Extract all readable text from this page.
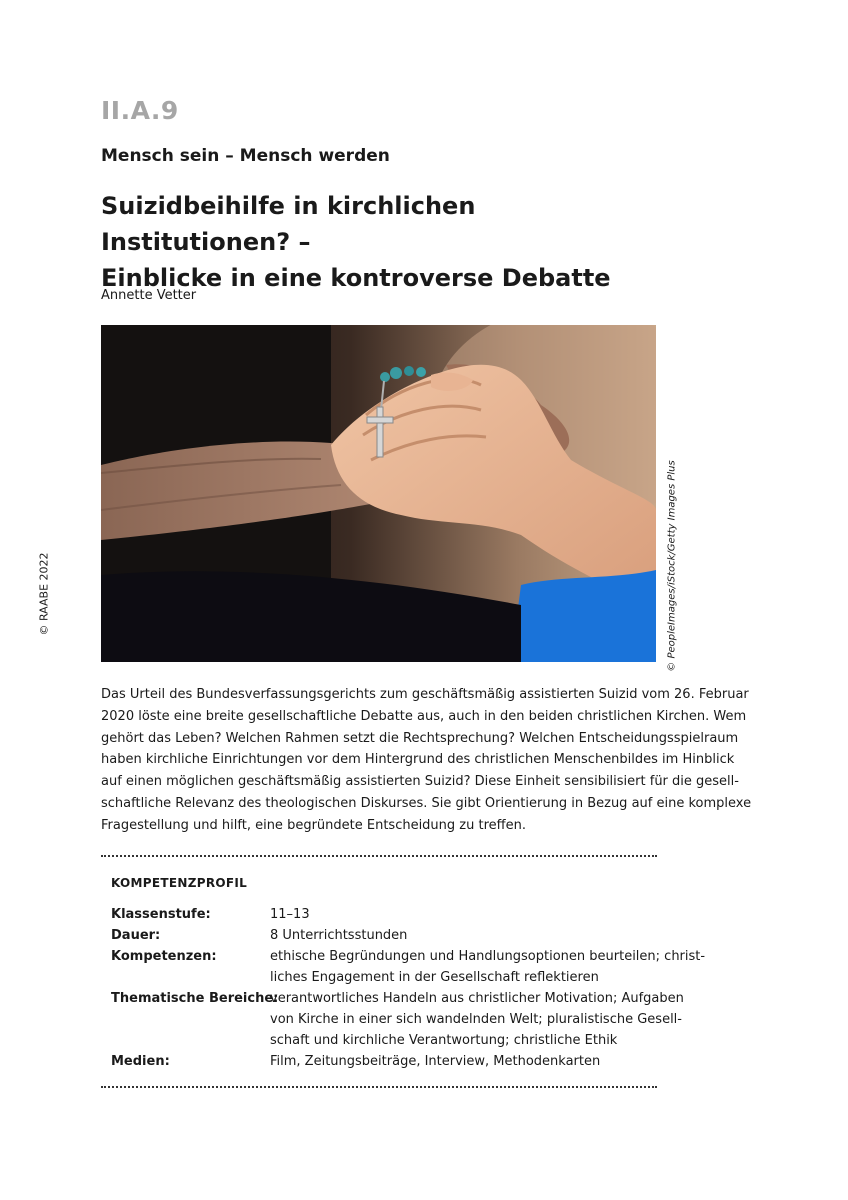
II.A.9
Mensch sein – Mensch werden
Suizidbeihilfe in kirchlichen Institutionen? –
Einblicke in eine kontroverse Debatte
Annette Vetter
© RAABE 2022	© PeopleImages/iStock/Getty Images Plus
Das Urteil des Bundesverfassungsgerichts zum geschäftsmäßig assistierten Suizid vom 26. Februar
2020 löste eine breite gesellschaftliche Debatte aus, auch in den beiden christlichen Kirchen. Wem
gehört das Leben? Welchen Rahmen setzt die Rechtsprechung? Welchen Entscheidungsspielraum
haben kirchliche Einrichtungen vor dem Hintergrund des christlichen Menschenbildes im Hinblick
auf einen möglichen geschäftsmäßig assistierten Suizid? Diese Einheit sensibilisiert für die gesell-
schaftliche Relevanz des theologischen Diskurses. Sie gibt Orientierung in Bezug auf eine komplexe
Fragestellung und hilft, eine begründete Entscheidung zu treffen.
KOMPETENZPROFIL
Klassenstufe:	11–13
Dauer:	8 Unterrichtsstunden
Kompetenzen:	ethische Begründungen und Handlungsoptionen beurteilen; christ-
liches Engagement in der Gesellschaft reflektieren
Thematische Bereiche:
verantwortliches Handeln aus christlicher Motivation; Aufgaben
von Kirche in einer sich wandelnden Welt; pluralistische Gesell-
schaft und kirchliche Verantwortung; christliche Ethik
Medien:	Film, Zeitungsbeiträge, Interview, Methodenkarten
